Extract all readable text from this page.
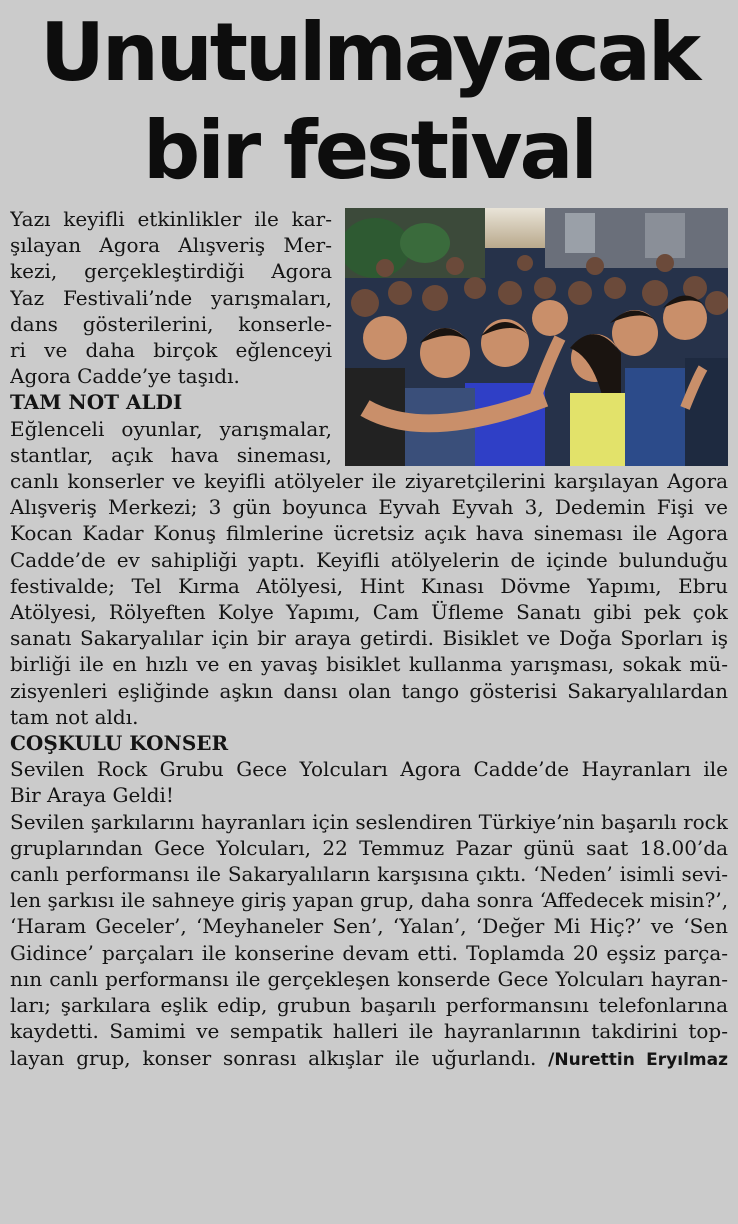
Unutulmayacak
bir festival
Yazı keyifli etkinlikler ile kar-
şılayan Agora Alışveriş Mer-
kezi, gerçekleştirdiği Agora
Yaz Festivali’nde yarışmaları,
dans gösterilerini, konserle-
ri ve daha birçok eğlenceyi
Agora Cadde’ye taşıdı.
TAM NOT ALDI
Eğlenceli oyunlar, yarışmalar,
stantlar, açık hava sineması,
canlı konserler ve keyifli atölyeler ile ziyaretçilerini karşılayan Agora
Alışveriş Merkezi; 3 gün boyunca Eyvah Eyvah 3, Dedemin Fişi ve
Kocan Kadar Konuş filmlerine ücretsiz açık hava sineması ile Agora
Cadde’de ev sahipliği yaptı. Keyifli atölyelerin de içinde bulunduğu
festivalde; Tel Kırma Atölyesi, Hint Kınası Dövme Yapımı, Ebru
Atölyesi, Rölyeften Kolye Yapımı, Cam Üfleme Sanatı gibi pek çok
sanatı Sakaryalılar için bir araya getirdi. Bisiklet ve Doğa Sporları iş
birliği ile en hızlı ve en yavaş bisiklet kullanma yarışması, sokak mü-
zisyenleri eşliğinde aşkın dansı olan tango gösterisi Sakaryalılardan
tam not aldı.
COŞKULU KONSER
Sevilen Rock Grubu Gece Yolcuları Agora Cadde’de Hayranları ile
Bir Araya Geldi!
Sevilen şarkılarını hayranları için seslendiren Türkiye’nin başarılı rock
gruplarından Gece Yolcuları, 22 Temmuz Pazar günü saat 18.00’da
canlı performansı ile Sakaryalıların karşısına çıktı. ‘Neden’ isimli sevi-
len şarkısı ile sahneye giriş yapan grup, daha sonra ‘Affedecek misin?’,
‘Haram Geceler’, ‘Meyhaneler Sen’, ‘Yalan’, ‘Değer Mi Hiç?’ ve ‘Sen
Gidince’ parçaları ile konserine devam etti. Toplamda 20 eşsiz parça-
nın canlı performansı ile gerçekleşen konserde Gece Yolcuları hayran-
ları; şarkılara eşlik edip, grubun başarılı performansını telefonlarına
kaydetti. Samimi ve sempatik halleri ile hayranlarının takdirini top-
layan grup, konser sonrası alkışlar ile uğurlandı. /Nurettin Eryılmaz
